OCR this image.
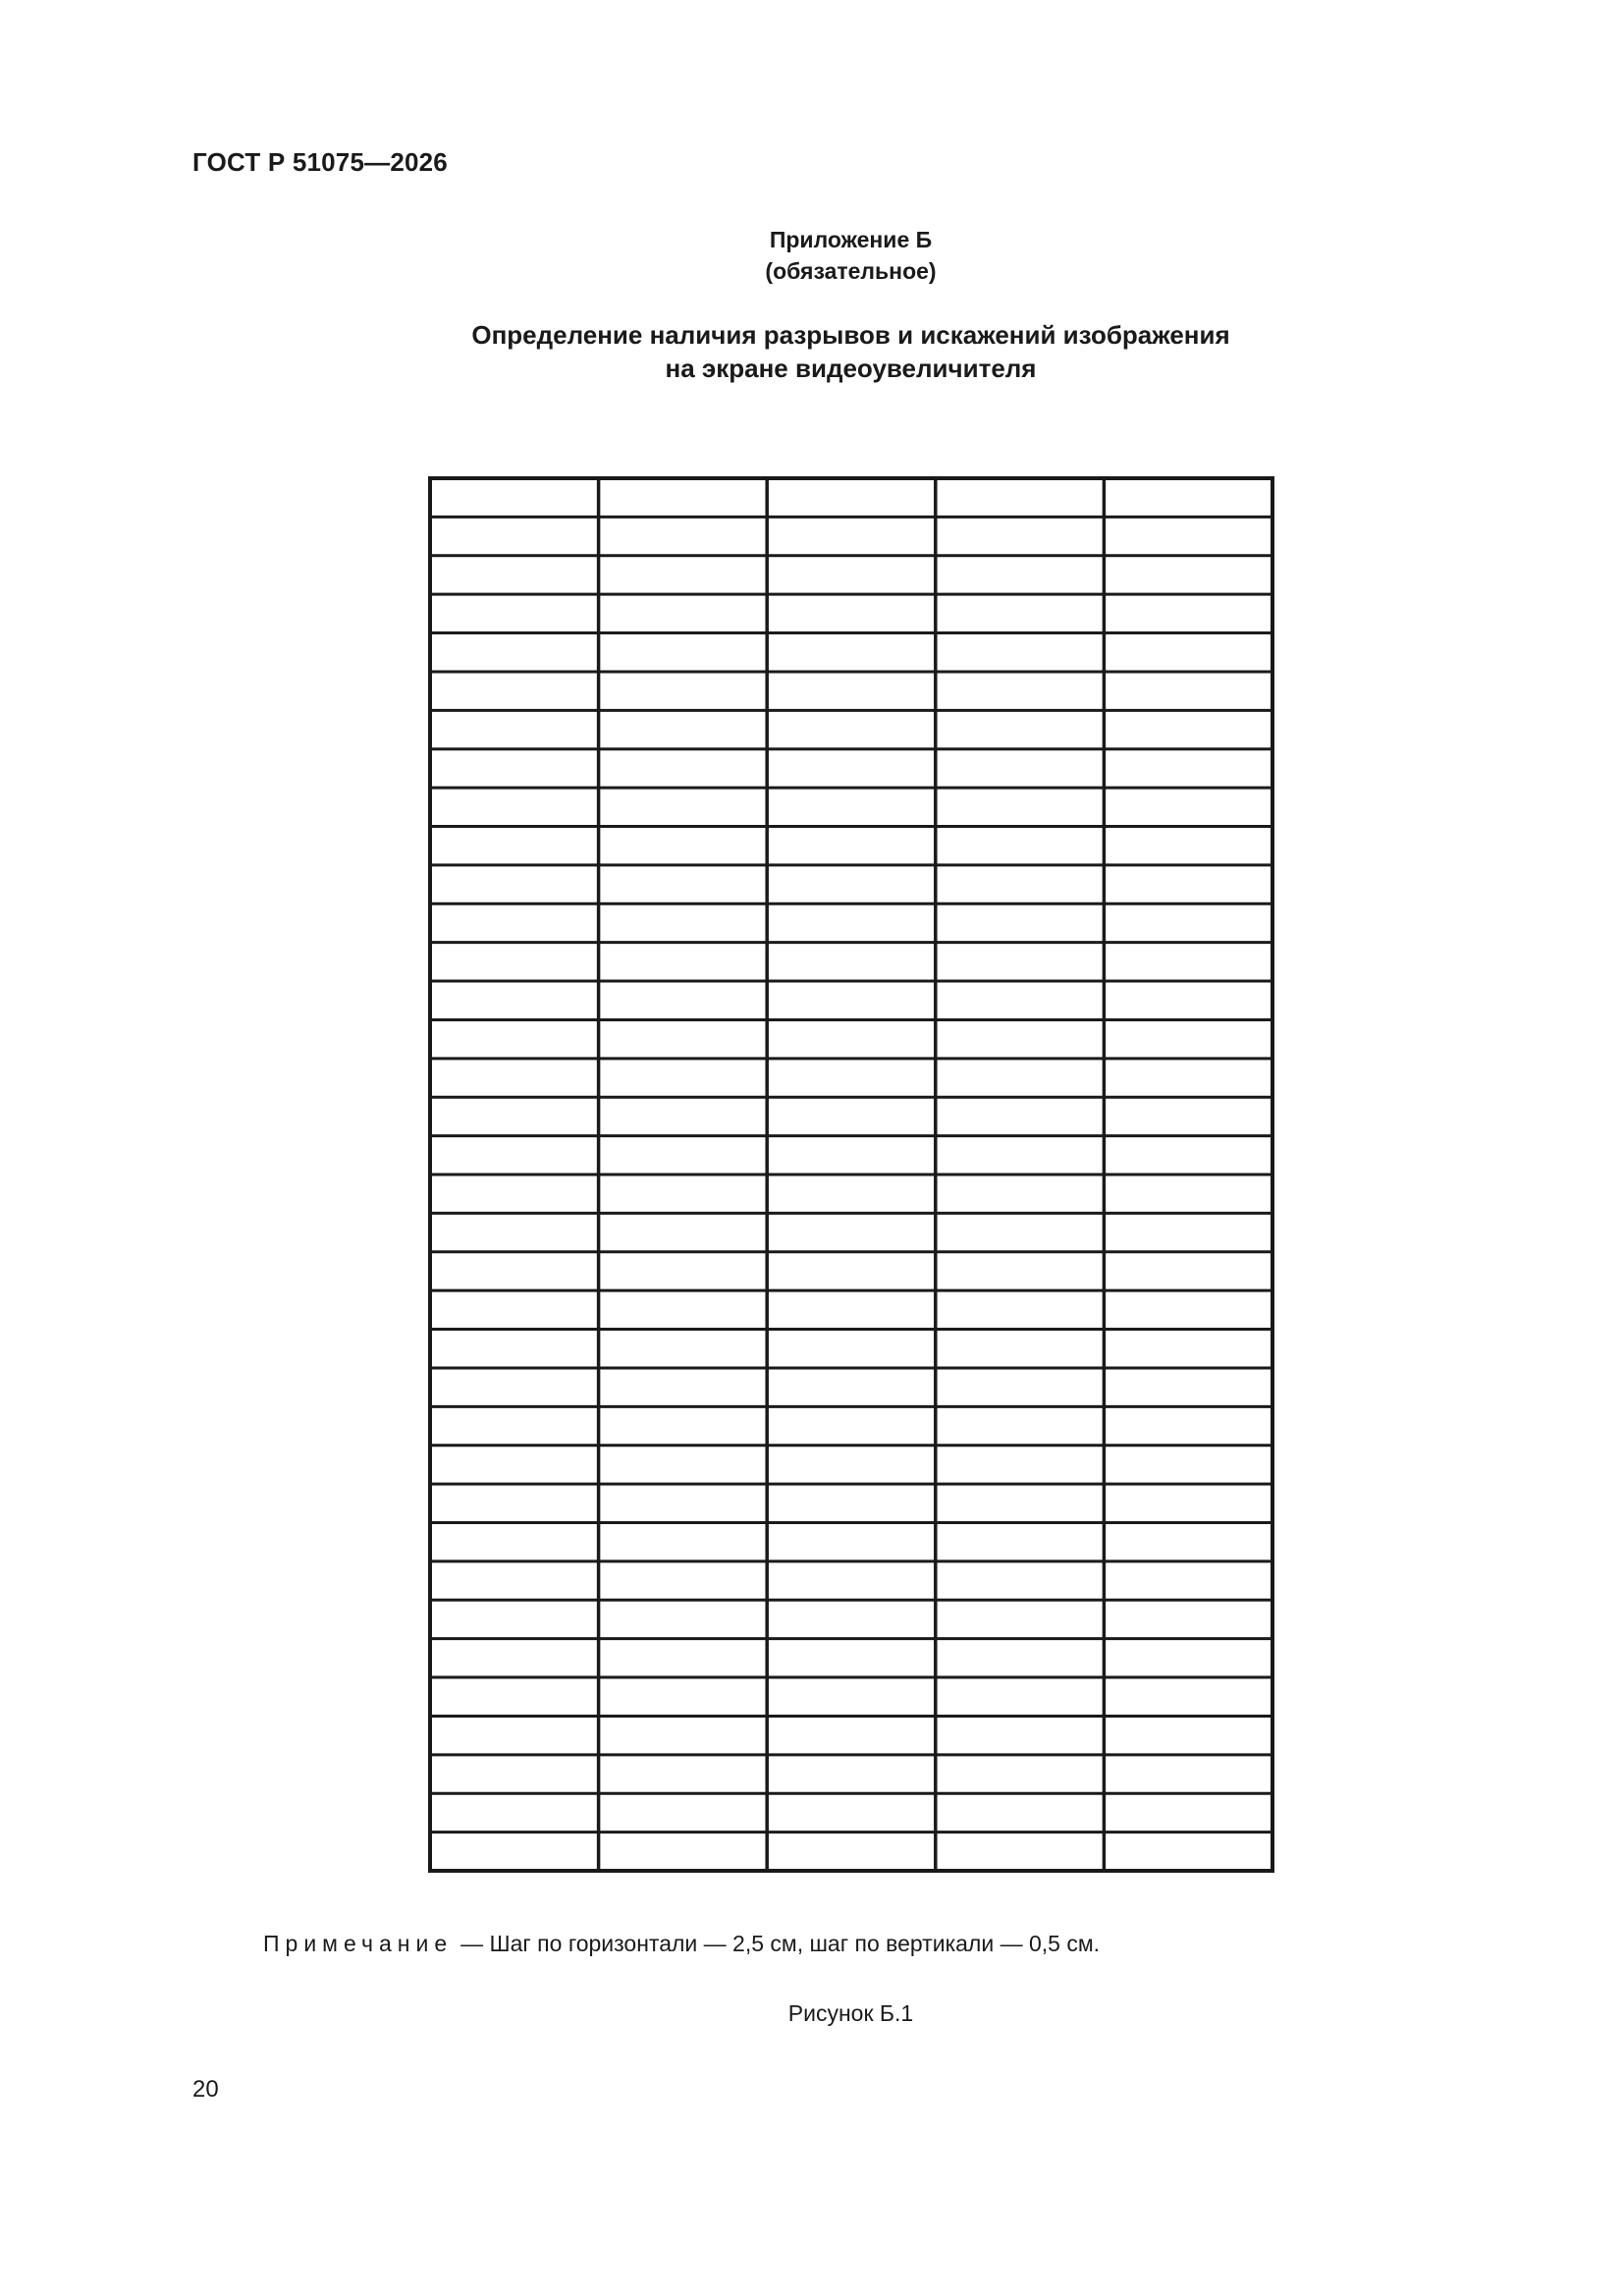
ГОСТ Р 51075—2026
Приложение Б
(обязательное)
Определение наличия разрывов и искажений изображения
на экране видеоувеличителя
Примечание — Шаг по горизонтали — 2,5 см, шаг по вертикали — 0,5 см.
Рисунок Б.1
20
